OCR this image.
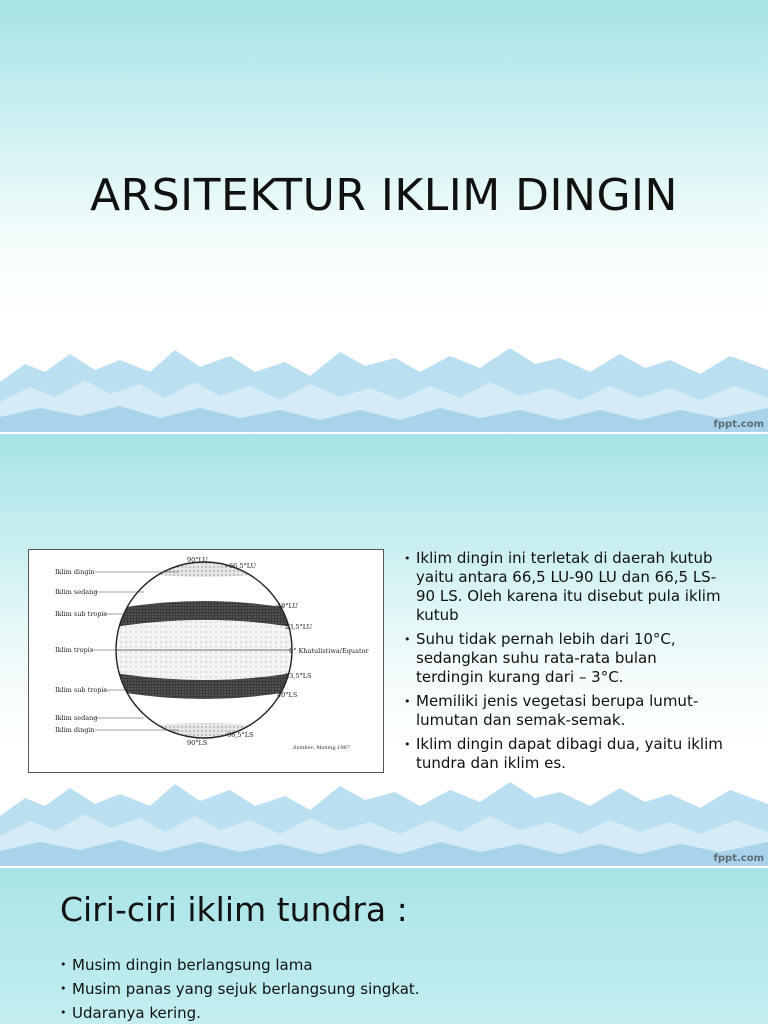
ARSITEKTUR IKLIM DINGIN
fppt.com
Iklim dingin
Iklim sedang
Iklim sub tropis
Iklim tropis
Iklim sub tropis
Iklim sedang
Iklim dingin
90°LU
66,5°LU
40°LU
23,5°LU
0° Khatulistiwa/Equator
23,5°LS
40°LS
66,5°LS
90°LS
Sumber: Mannig 1987
• Iklim dingin ini terletak di daerah kutub yaitu antara 66,5 LU-90 LU dan 66,5 LS-90 LS. Oleh karena itu disebut pula iklim kutub
• Suhu tidak pernah lebih dari 10°C, sedangkan suhu rata-rata bulan terdingin kurang dari – 3°C.
• Memiliki jenis vegetasi berupa lumut-lumutan dan semak-semak.
• Iklim dingin dapat dibagi dua, yaitu iklim tundra dan iklim es.
fppt.com
Ciri-ciri iklim tundra :
• Musim dingin berlangsung lama
• Musim panas yang sejuk berlangsung singkat.
• Udaranya kering.
